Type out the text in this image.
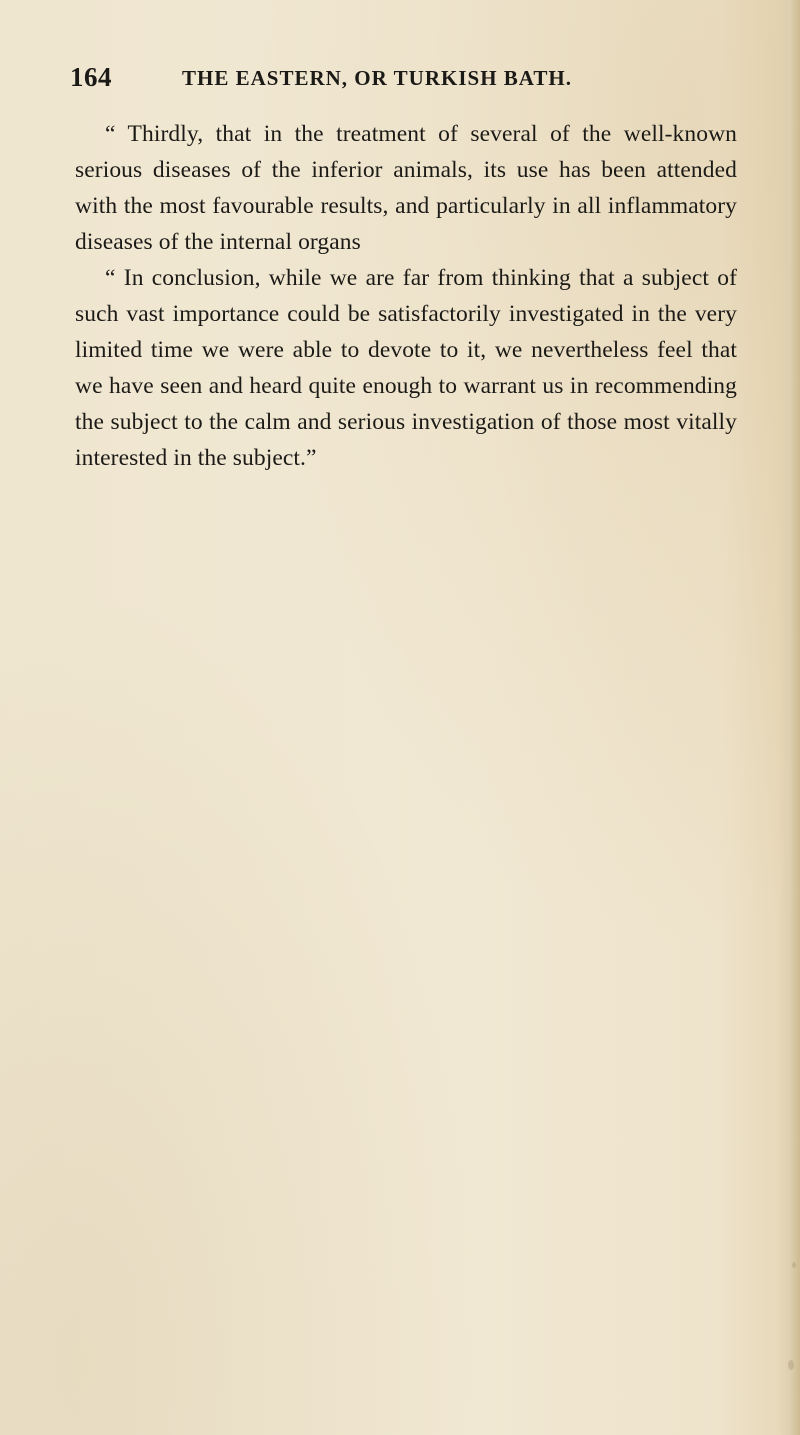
164	THE EASTERN, OR TURKISH BATH.

“ Thirdly, that in the treatment of several of the well-known serious diseases of the inferior animals, its use has been attended with the most favourable results, and particularly in all inflammatory diseases of the internal organs

“ In conclusion, while we are far from thinking that a subject of such vast importance could be satisfactorily investigated in the very limited time we were able to devote to it, we nevertheless feel that we have seen and heard quite enough to warrant us in recommending the subject to the calm and serious investigation of those most vitally interested in the subject.”
